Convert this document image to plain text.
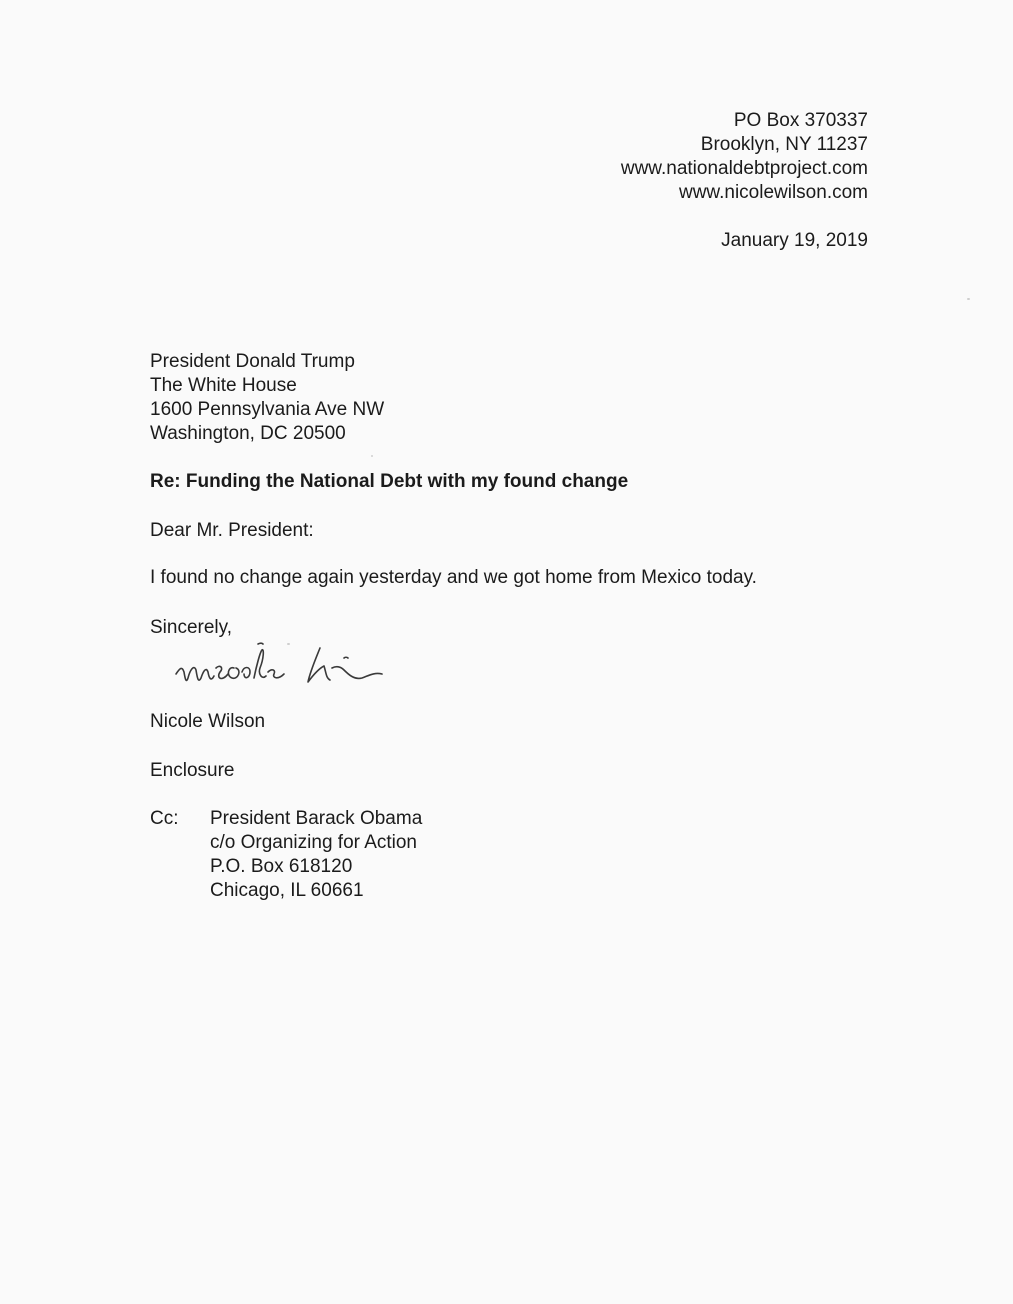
PO Box 370337
Brooklyn, NY 11237
www.nationaldebtproject.com
www.nicolewilson.com
January 19, 2019
President Donald Trump
The White House
1600 Pennsylvania Ave NW
Washington, DC 20500
Re: Funding the National Debt with my found change
Dear Mr. President:
I found no change again yesterday and we got home from Mexico today.
Sincerely,
Nicole Wilson
Enclosure
Cc: President Barack Obama
c/o Organizing for Action
P.O. Box 618120
Chicago, IL 60661
